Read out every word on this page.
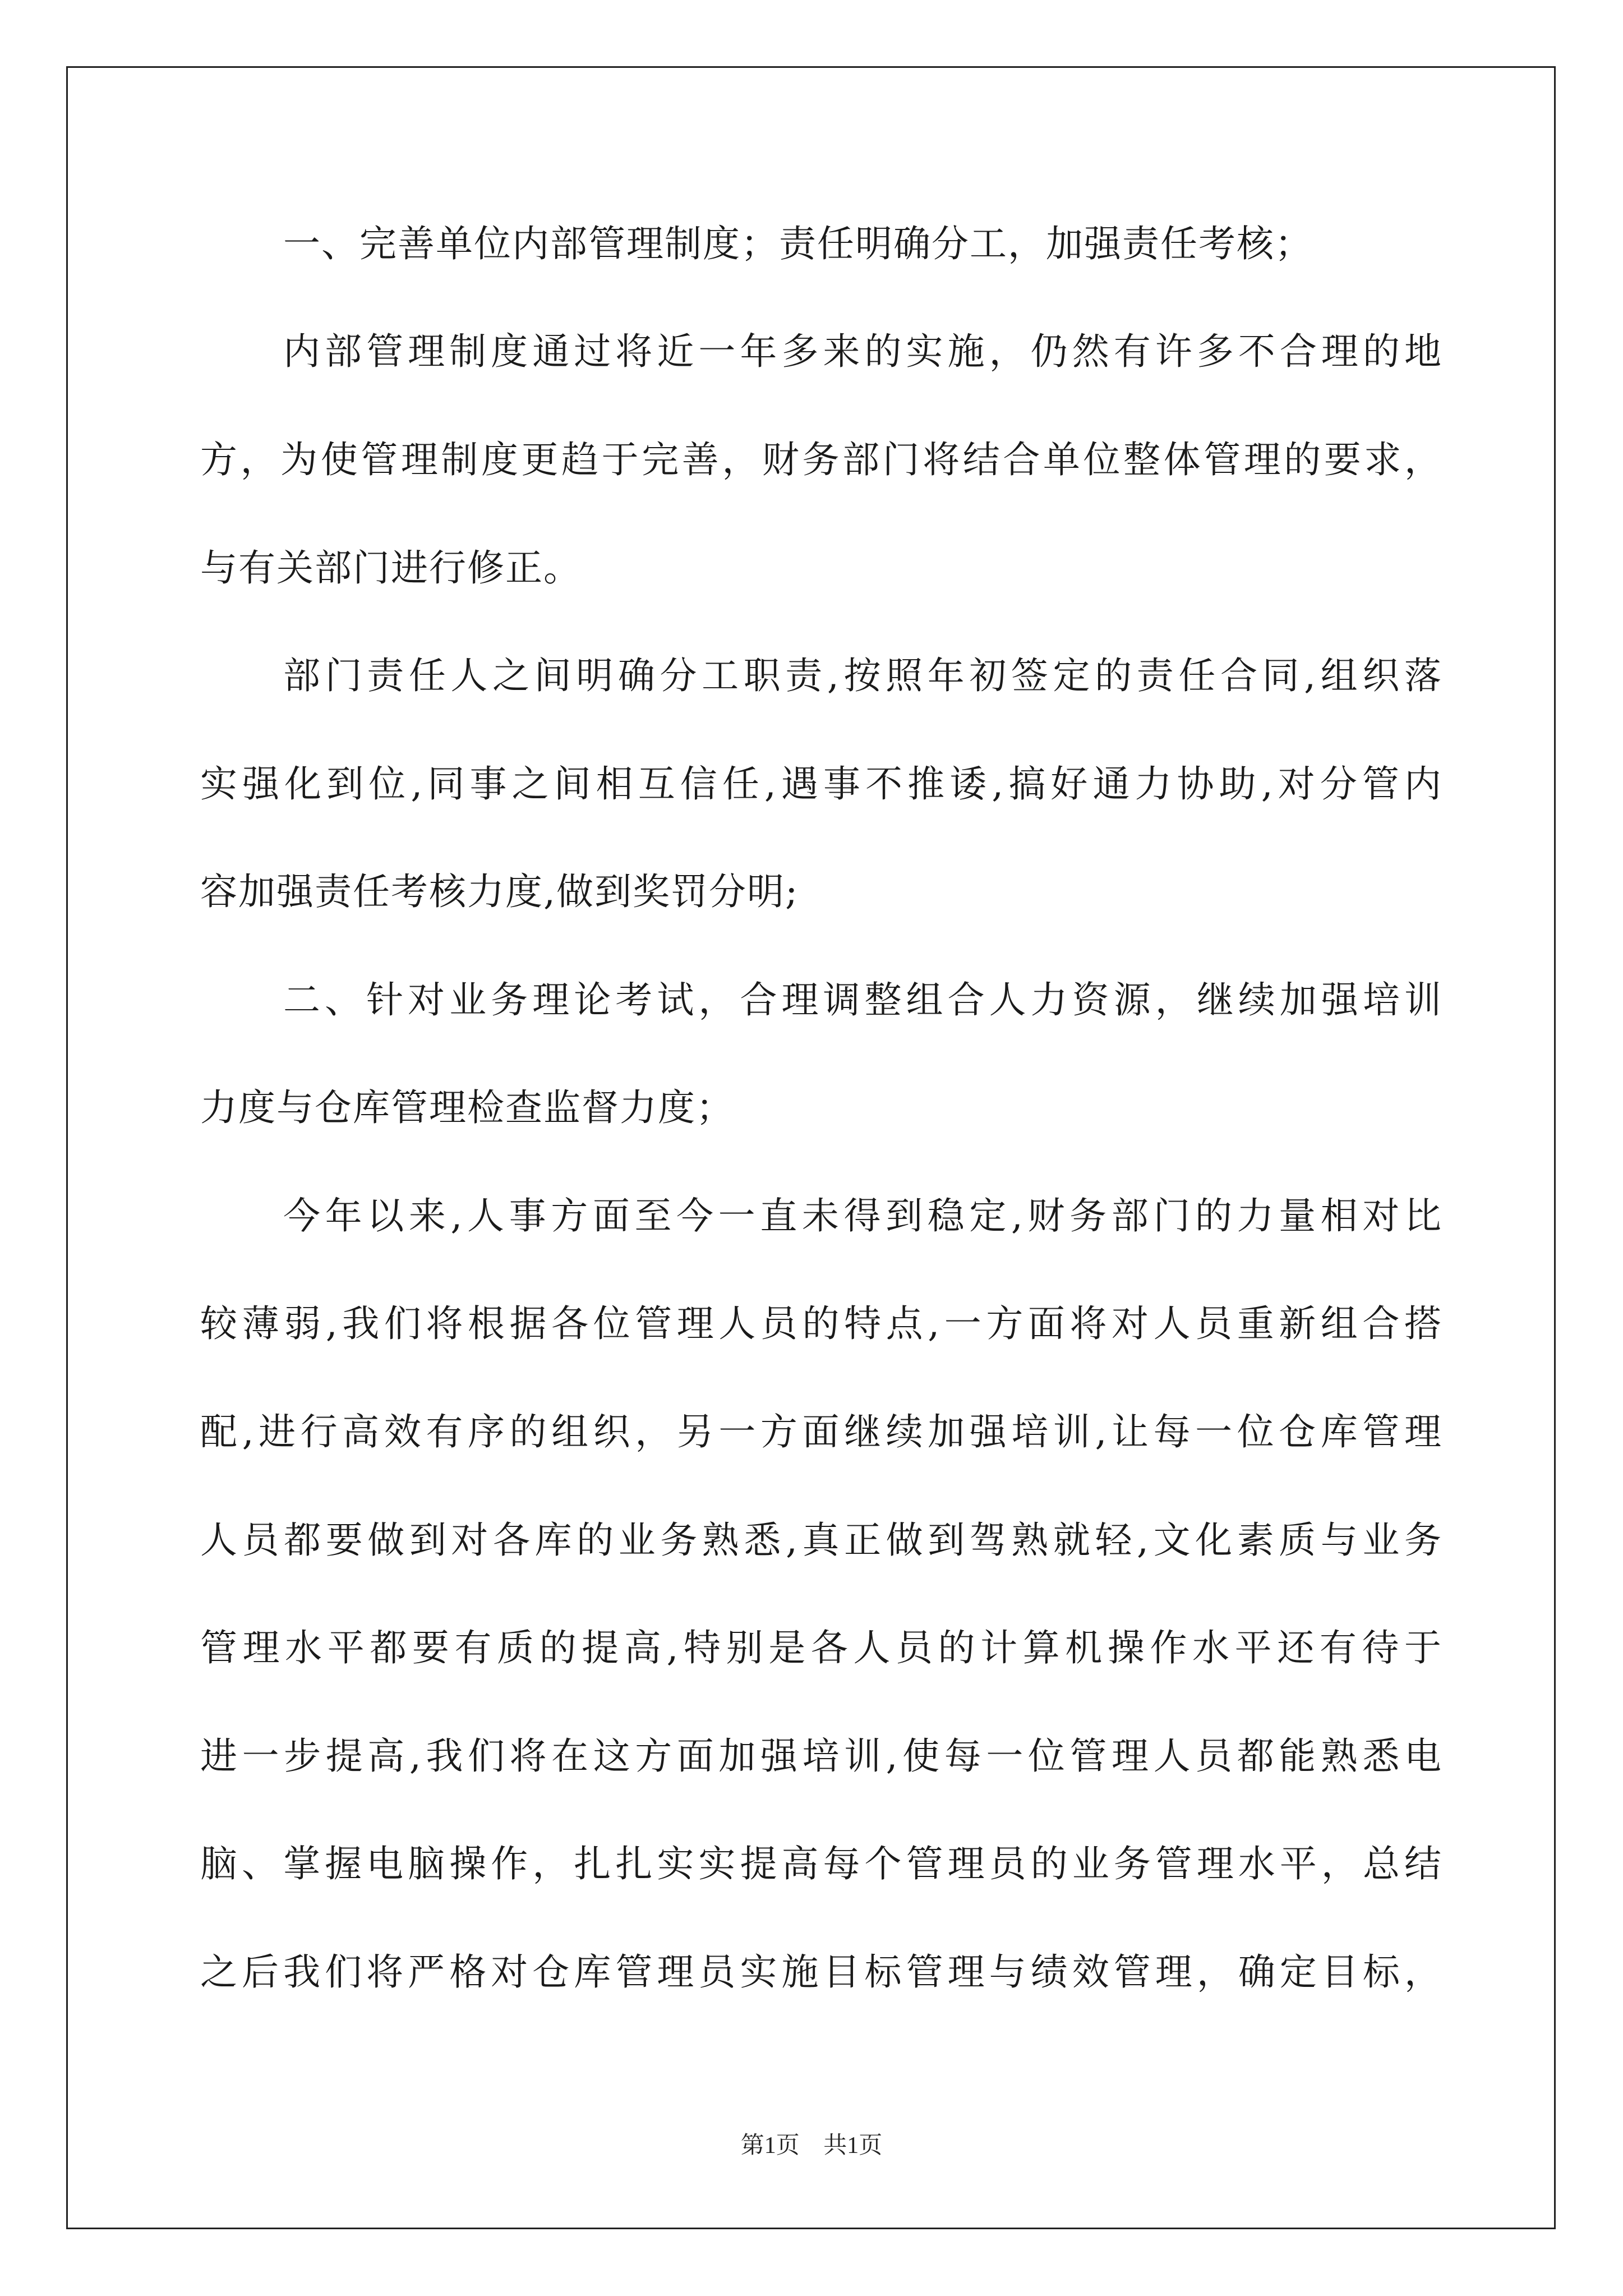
一、完善单位内部管理制度；责任明确分工，加强责任考核；
内部管理制度通过将近一年多来的实施，仍然有许多不合理的地
方，为使管理制度更趋于完善，财务部门将结合单位整体管理的要求，
与有关部门进行修正。
部门责任人之间明确分工职责,按照年初签定的责任合同,组织落
实强化到位,同事之间相互信任,遇事不推诿,搞好通力协助,对分管内
容加强责任考核力度,做到奖罚分明;
二、针对业务理论考试，合理调整组合人力资源，继续加强培训
力度与仓库管理检查监督力度；
今年以来,人事方面至今一直未得到稳定,财务部门的力量相对比
较薄弱,我们将根据各位管理人员的特点,一方面将对人员重新组合搭
配,进行高效有序的组织，另一方面继续加强培训,让每一位仓库管理
人员都要做到对各库的业务熟悉,真正做到驾熟就轻,文化素质与业务
管理水平都要有质的提高,特别是各人员的计算机操作水平还有待于
进一步提高,我们将在这方面加强培训,使每一位管理人员都能熟悉电
脑、掌握电脑操作，扎扎实实提高每个管理员的业务管理水平，总结
之后我们将严格对仓库管理员实施目标管理与绩效管理，确定目标，
第1页 共1页
